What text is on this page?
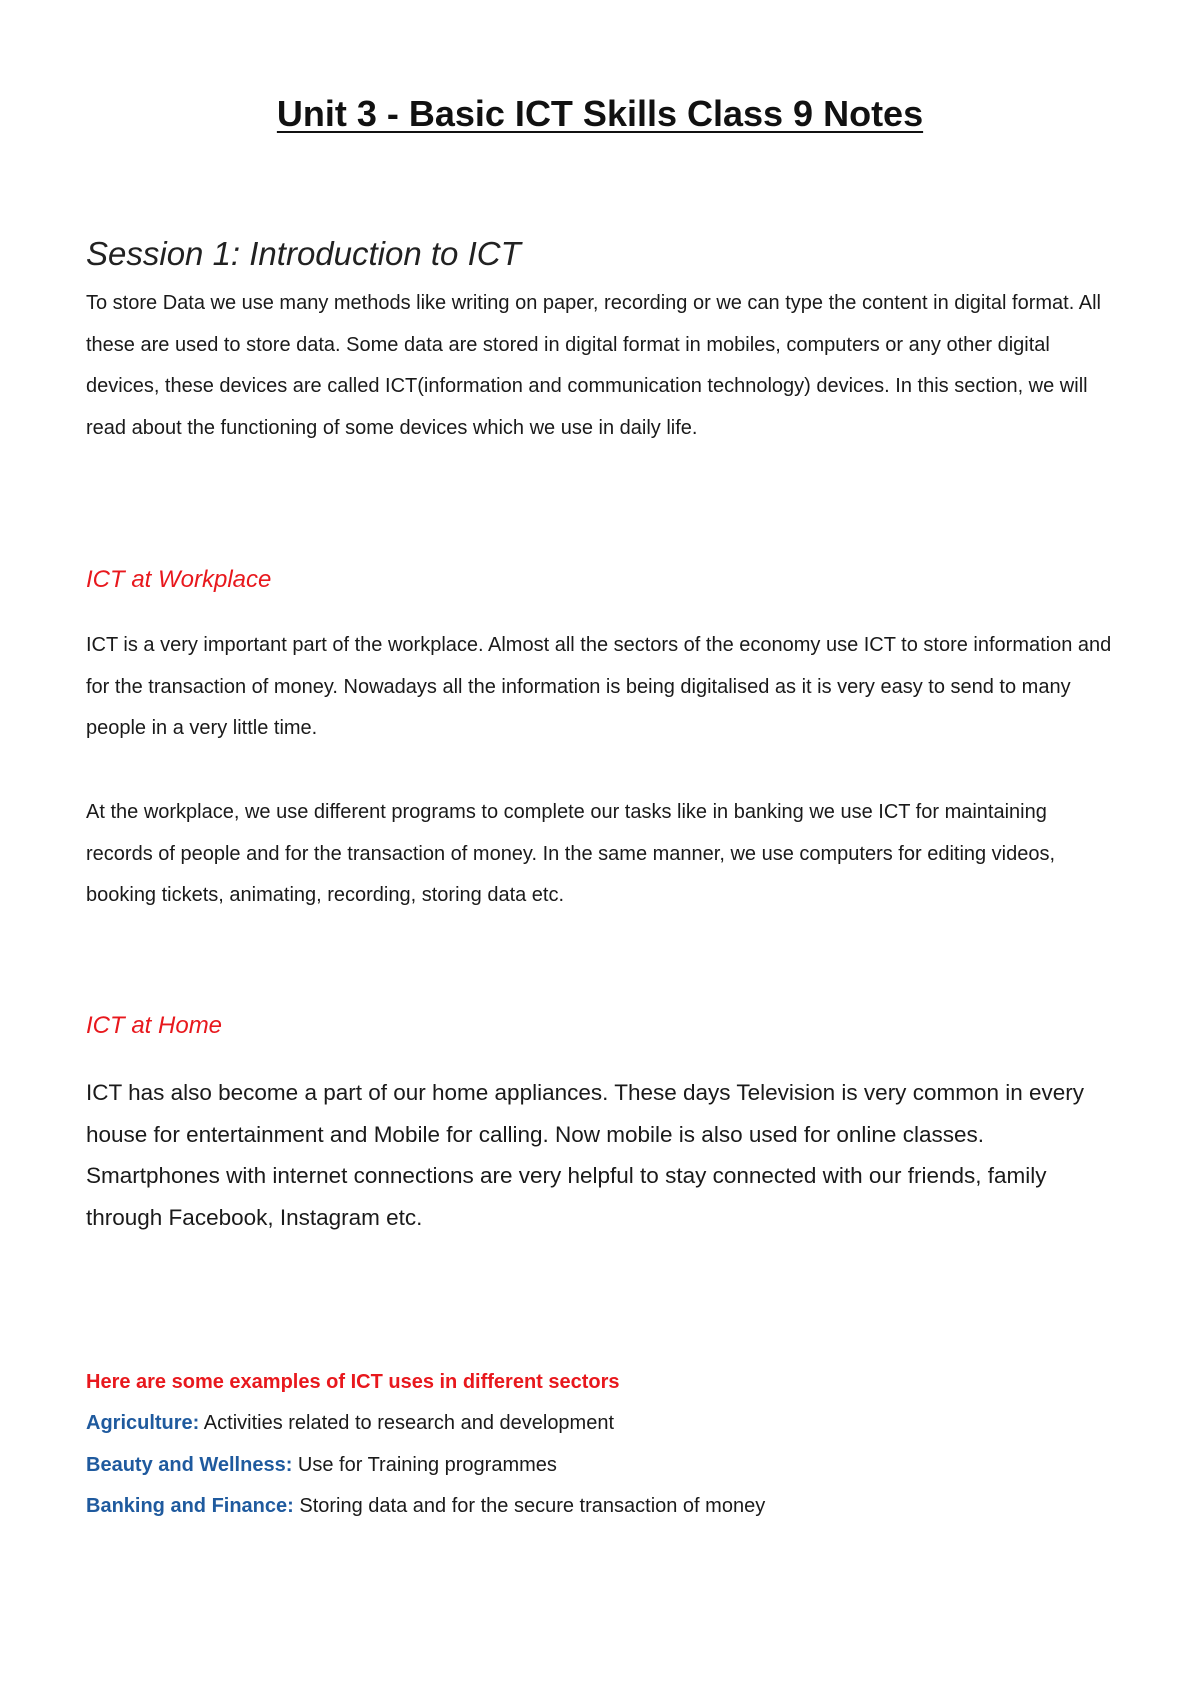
Unit 3 - Basic ICT Skills Class 9 Notes
Session 1: Introduction to ICT

To store Data we use many methods like writing on paper, recording or we can type the content in digital format. All these are used to store data. Some data are stored in digital format in mobiles, computers or any other digital devices, these devices are called ICT(information and communication technology) devices. In this section, we will read about the functioning of some devices which we use in daily life.

ICT at Workplace

ICT is a very important part of the workplace. Almost all the sectors of the economy use ICT to store information and for the transaction of money. Nowadays all the information is being digitalised as it is very easy to send to many people in a very little time.

At the workplace, we use different programs to complete our tasks like in banking we use ICT for maintaining records of people and for the transaction of money. In the same manner, we use computers for editing videos, booking tickets, animating, recording, storing data etc.

ICT at Home

ICT has also become a part of our home appliances. These days Television is very common in every house for entertainment and Mobile for calling. Now mobile is also used for online classes. Smartphones with internet connections are very helpful to stay connected with our friends, family through Facebook, Instagram etc.

Here are some examples of ICT uses in different sectors

Agriculture: Activities related to research and development

Beauty and Wellness: Use for Training programmes

Banking and Finance: Storing data and for the secure transaction of money
